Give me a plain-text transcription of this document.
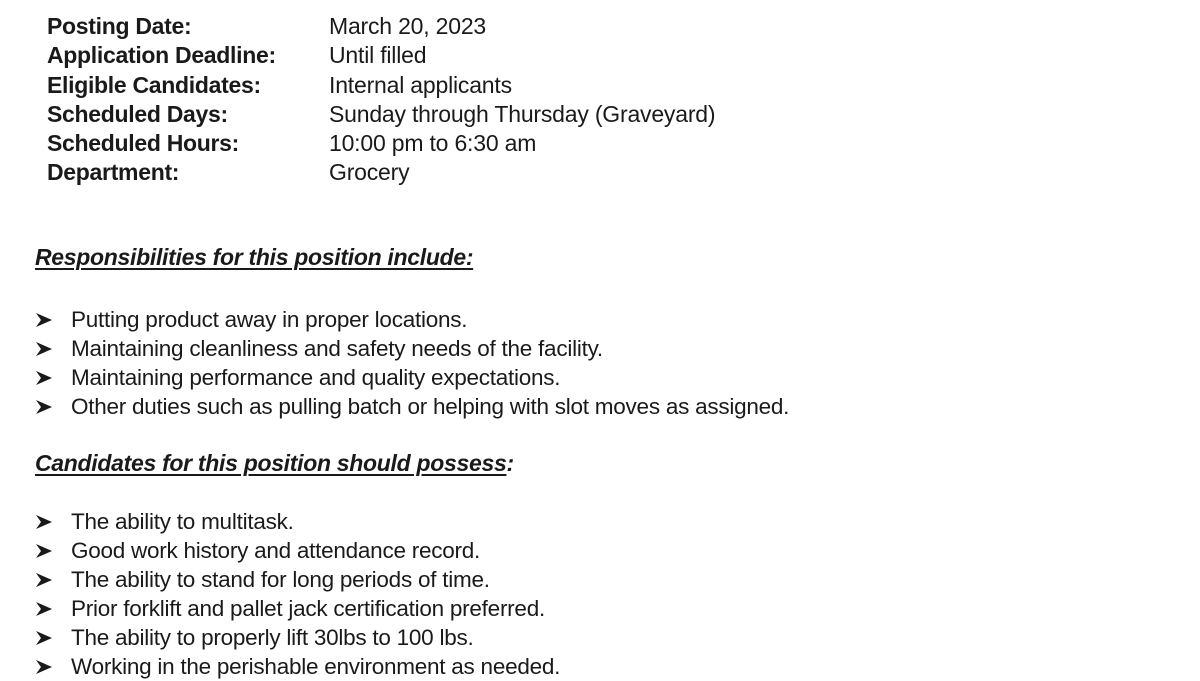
Posting Date:	March 20, 2023
Application Deadline:	Until filled
Eligible Candidates:	Internal applicants
Scheduled Days:	Sunday through Thursday (Graveyard)
Scheduled Hours:	10:00 pm to 6:30 am
Department:	Grocery
Responsibilities for this position include:
Putting product away in proper locations.
Maintaining cleanliness and safety needs of the facility.
Maintaining performance and quality expectations.
Other duties such as pulling batch or helping with slot moves as assigned.
Candidates for this position should possess:
The ability to multitask.
Good work history and attendance record.
The ability to stand for long periods of time.
Prior forklift and pallet jack certification preferred.
The ability to properly lift 30lbs to 100 lbs.
Working in the perishable environment as needed.
